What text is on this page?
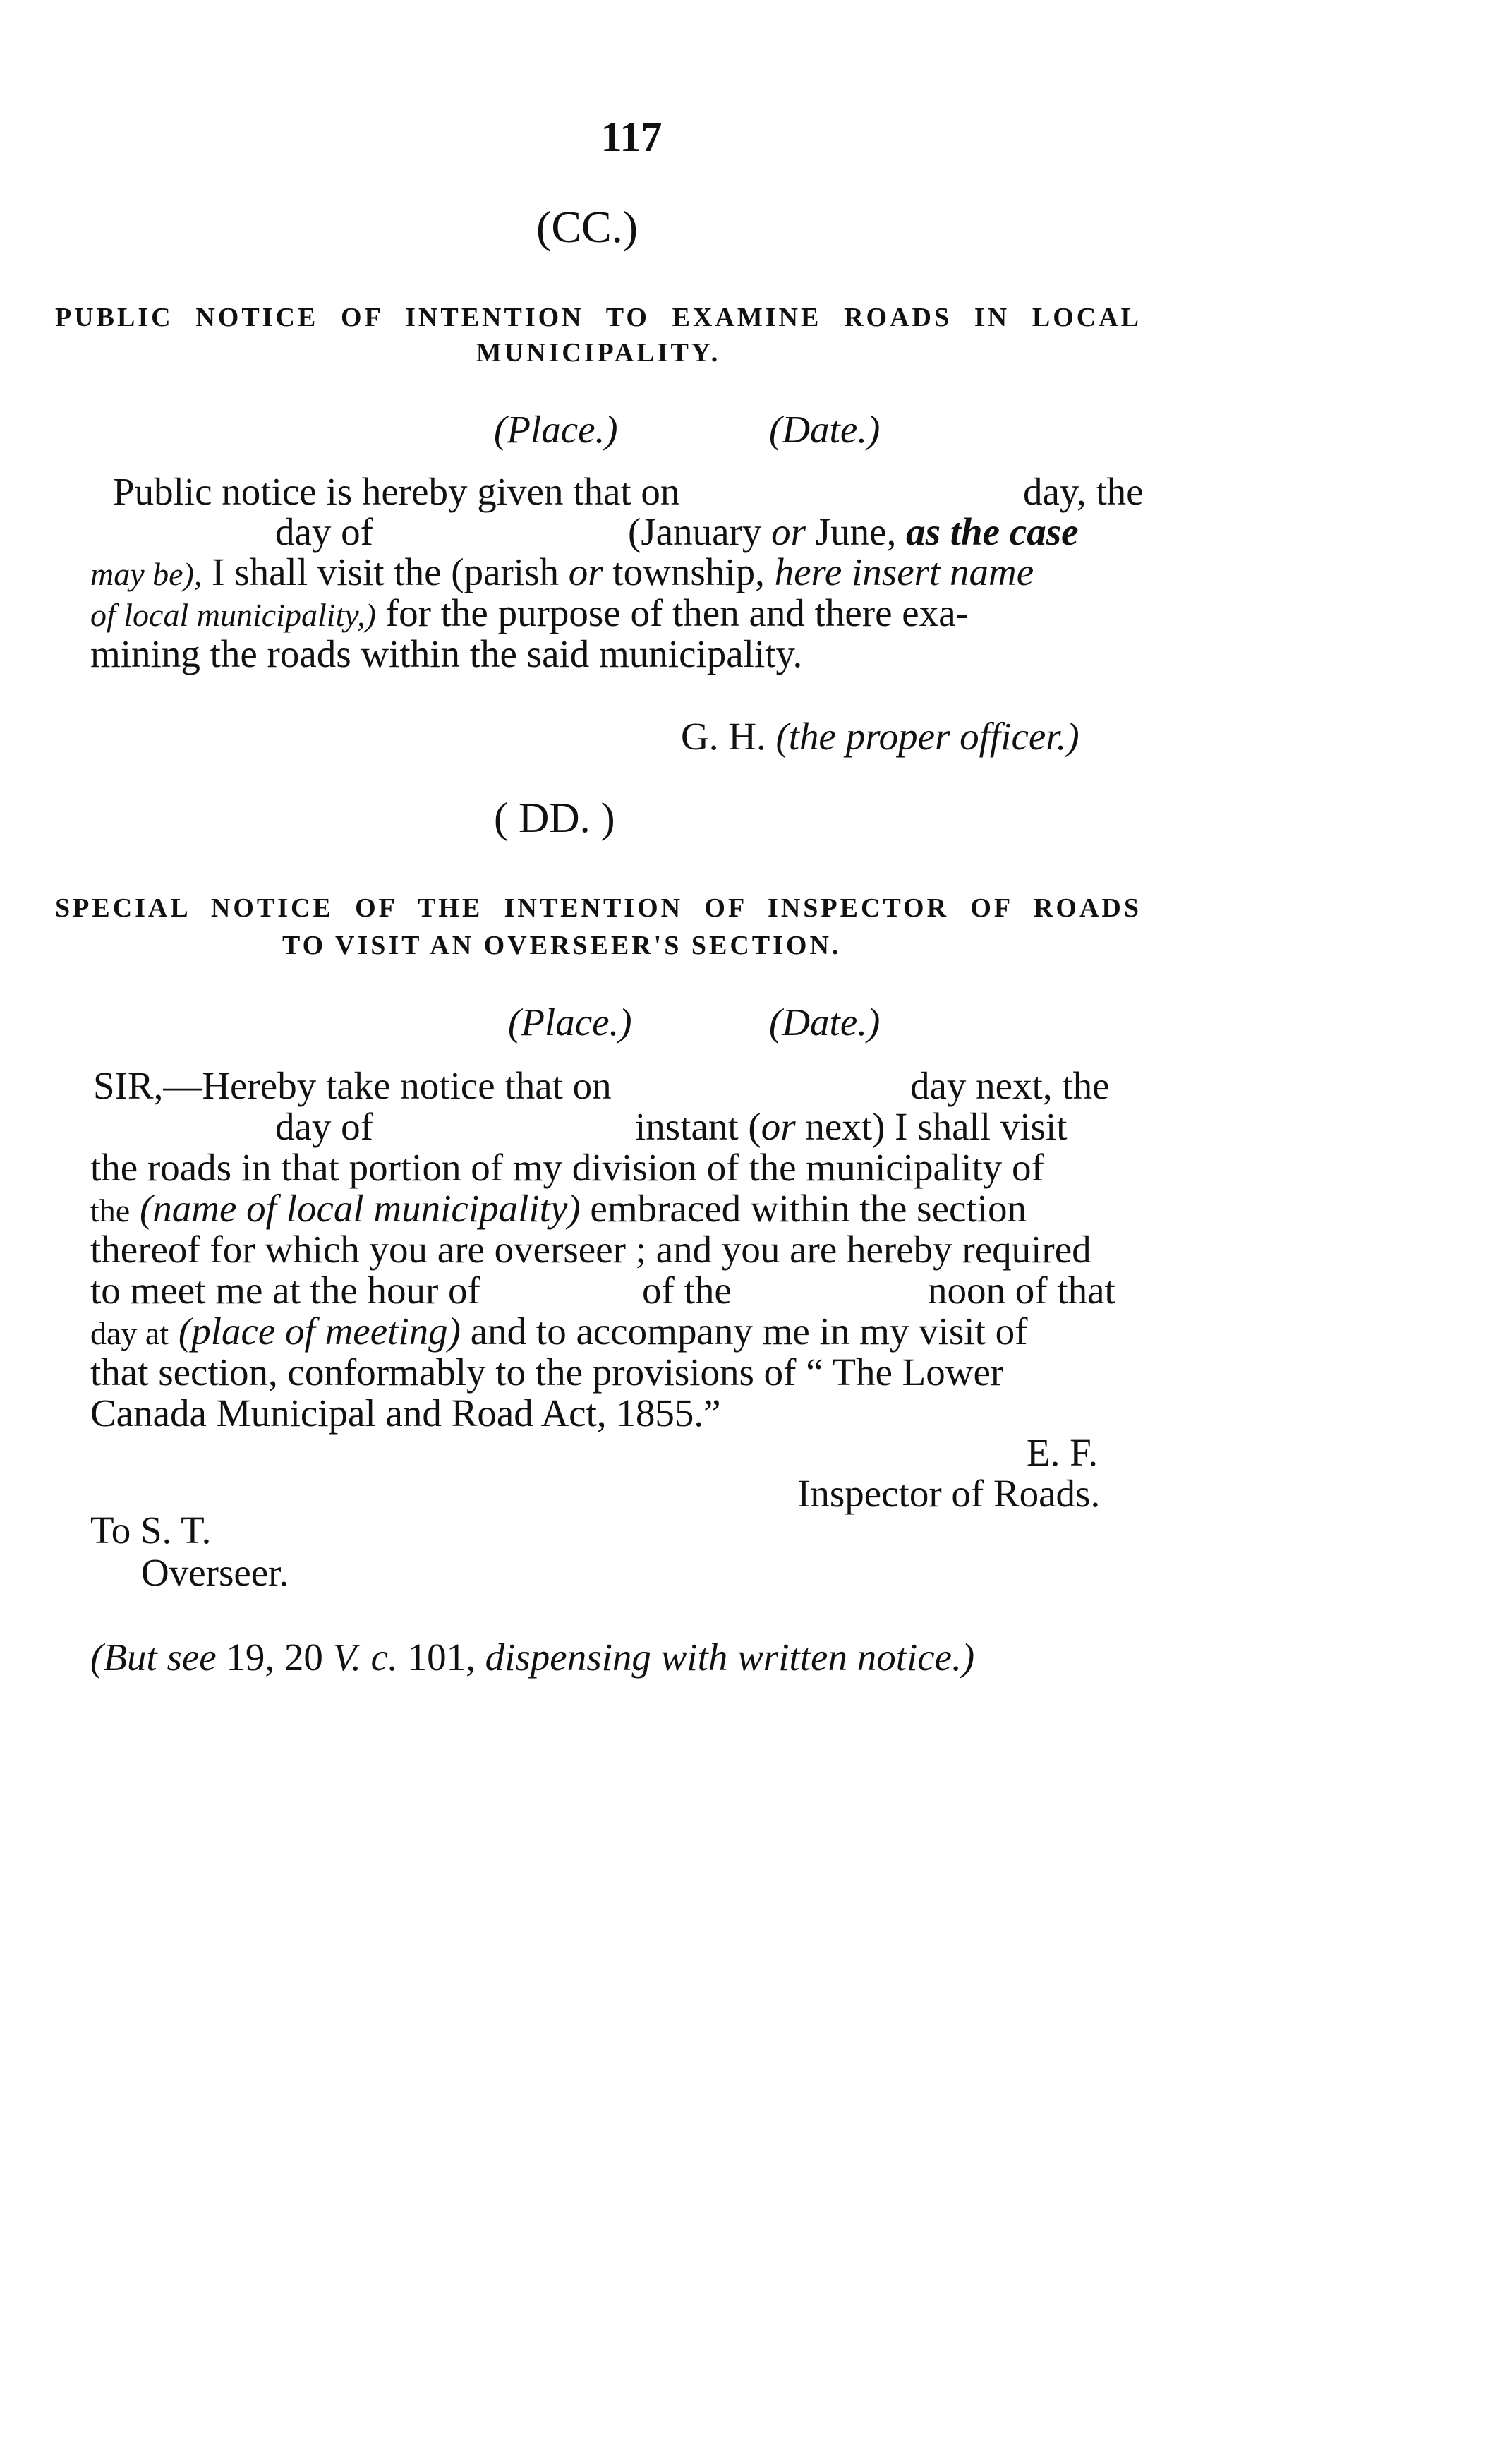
117
(CC.)
PUBLIC NOTICE OF INTENTION TO EXAMINE ROADS IN LOCAL
MUNICIPALITY.
(Place.)	(Date.)
Public notice is hereby given that on	day, the
day of	(January or June, as the case
may be), I shall visit the (parish or township, here insert name
of local municipality,) for the purpose of then and there exa-
mining the roads within the said municipality.
G. H. (the proper officer.)
( DD. )
SPECIAL NOTICE OF THE INTENTION OF INSPECTOR OF ROADS
TO VISIT AN OVERSEER'S SECTION.
(Place.)	(Date.)
SIR,—Hereby take notice that on	day next, the
day of	instant (or next) I shall visit
the roads in that portion of my division of the municipality of
the (name of local municipality) embraced within the section
thereof for which you are overseer ; and you are hereby required
to meet me at the hour of	of the	noon of that
day at (place of meeting) and to accompany me in my visit of
that section, conformably to the provisions of “ The Lower
Canada Municipal and Road Act, 1855.”
E. F.
Inspector of Roads.
To S. T.
Overseer.
(But see 19, 20 V. c. 101, dispensing with written notice.)
